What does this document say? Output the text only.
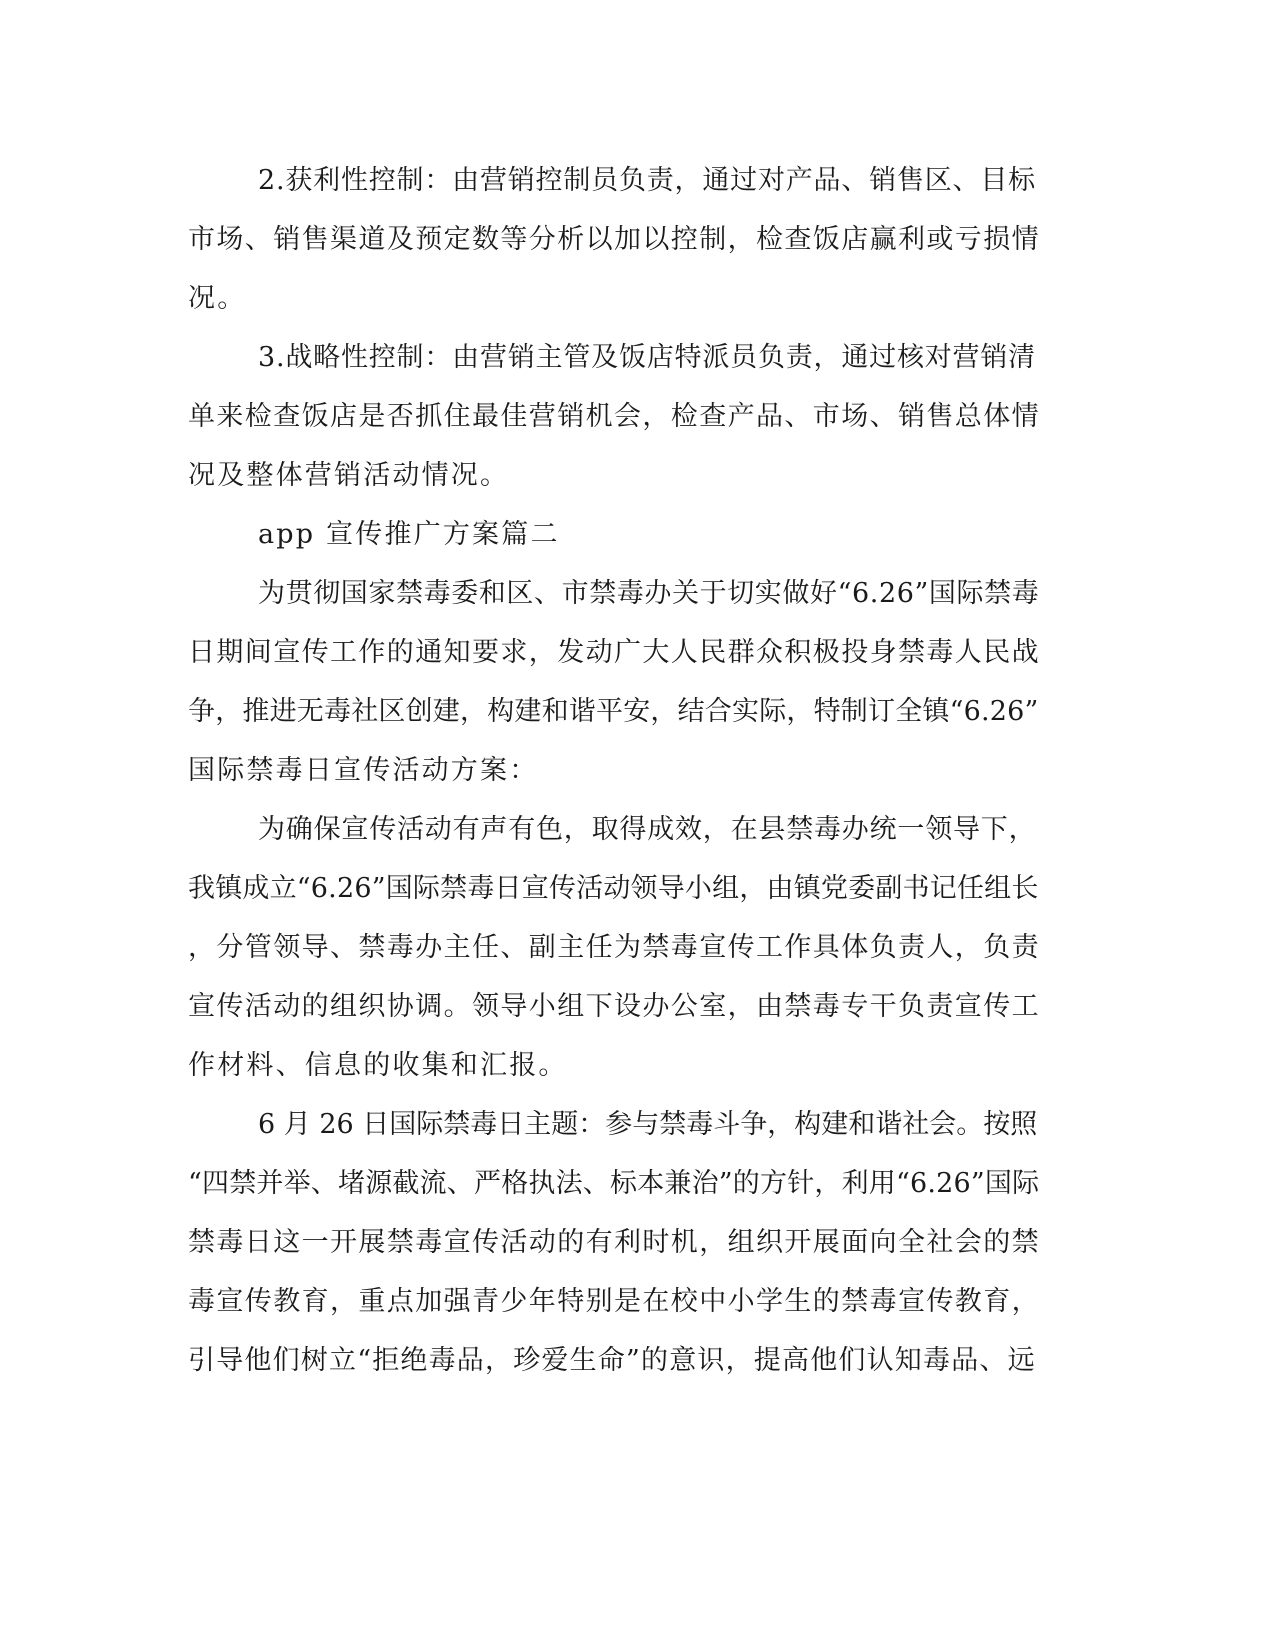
2.获利性控制：由营销控制员负责，通过对产品、销售区、目标
市场、销售渠道及预定数等分析以加以控制，检查饭店赢利或亏损情
况。
3.战略性控制：由营销主管及饭店特派员负责，通过核对营销清
单来检查饭店是否抓住最佳营销机会，检查产品、市场、销售总体情
况及整体营销活动情况。
app 宣传推广方案篇二
为贯彻国家禁毒委和区、市禁毒办关于切实做好“6.26”国际禁毒
日期间宣传工作的通知要求，发动广大人民群众积极投身禁毒人民战
争，推进无毒社区创建，构建和谐平安，结合实际，特制订全镇“6.26”
国际禁毒日宣传活动方案：
为确保宣传活动有声有色，取得成效，在县禁毒办统一领导下，
我镇成立“6.26”国际禁毒日宣传活动领导小组，由镇党委副书记任组长
，分管领导、禁毒办主任、副主任为禁毒宣传工作具体负责人，负责
宣传活动的组织协调。领导小组下设办公室，由禁毒专干负责宣传工
作材料、信息的收集和汇报。
6 月 26 日国际禁毒日主题：参与禁毒斗争，构建和谐社会。按照
“四禁并举、堵源截流、严格执法、标本兼治”的方针，利用“6.26”国际
禁毒日这一开展禁毒宣传活动的有利时机，组织开展面向全社会的禁
毒宣传教育，重点加强青少年特别是在校中小学生的禁毒宣传教育，
引导他们树立“拒绝毒品，珍爱生命”的意识，提高他们认知毒品、远
